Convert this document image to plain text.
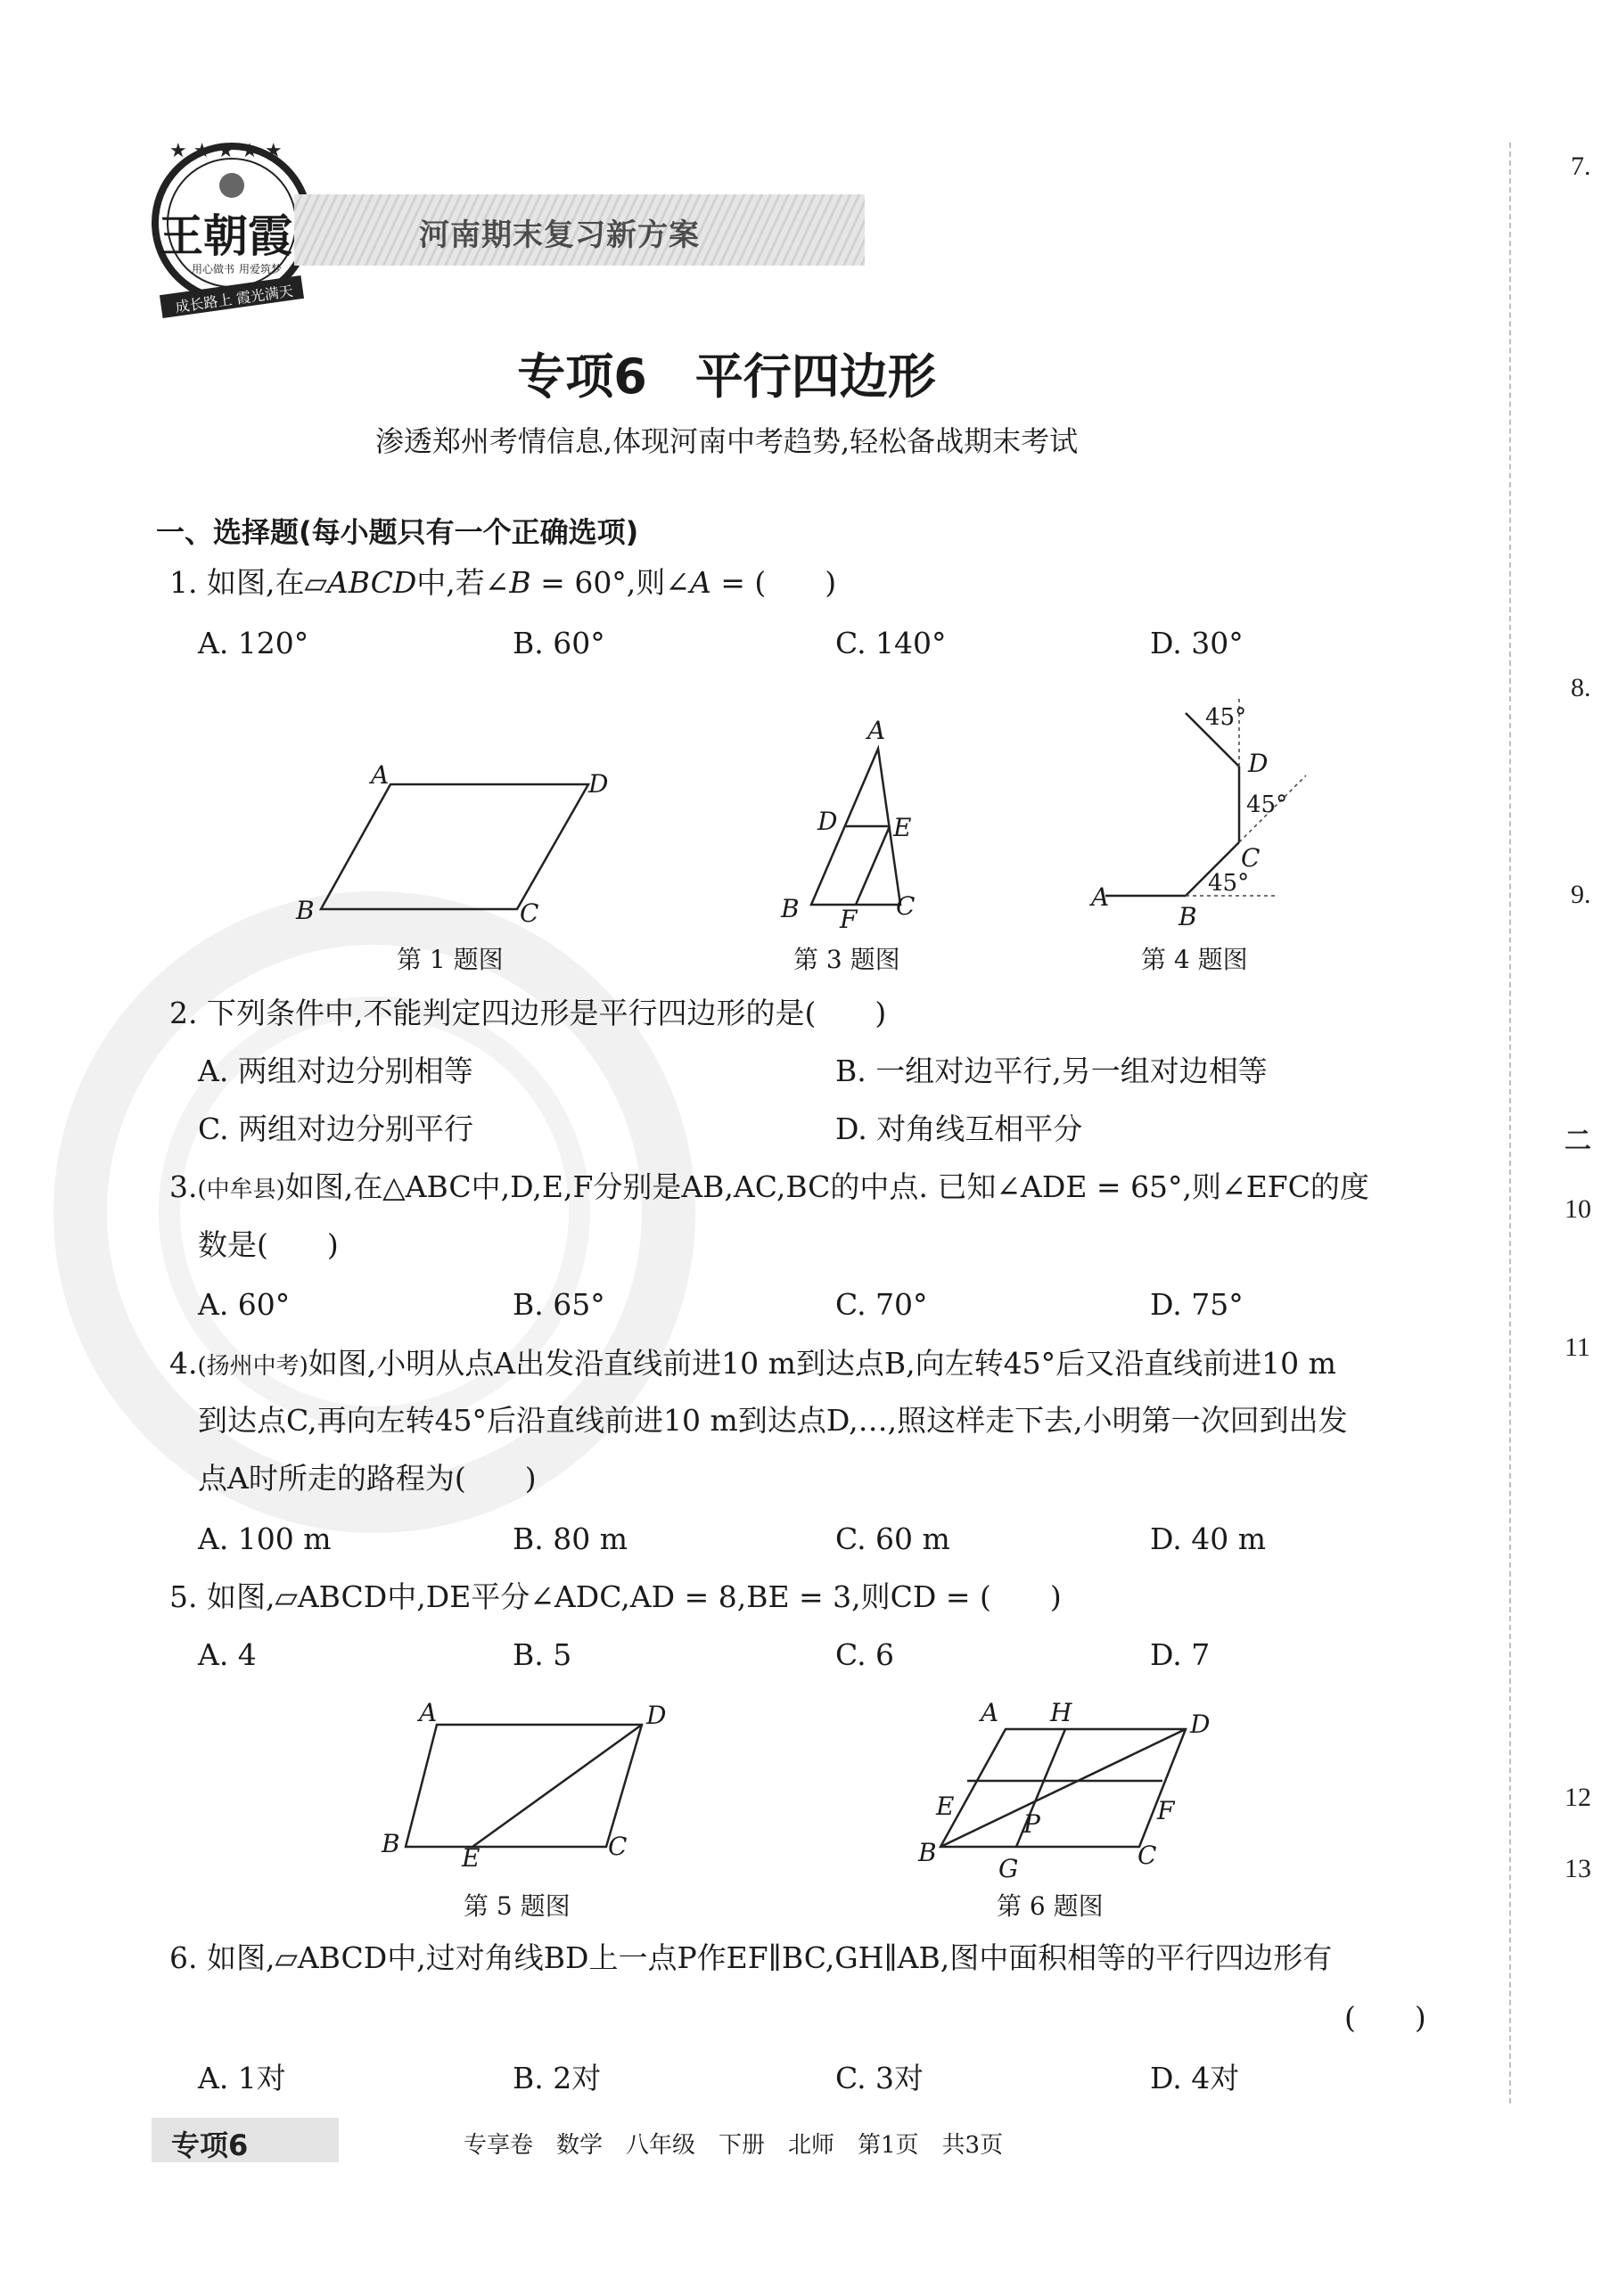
★ ★ ★ ★ ★
王朝霞
用心做书 用爱筑梦
成长路上 霞光满天
河南期末复习新方案
专项6　平行四边形
渗透郑州考情信息,体现河南中考趋势,轻松备战期末考试
一、选择题(每小题只有一个正确选项)
1. 如图,在▱ABCD中,若∠B = 60°,则∠A = (　　)
A. 120°	B. 60°	C. 140°	D. 30°
A	D
B	C
第 1 题图
A
D E
B F C
第 3 题图
45°
D
45°
C
45°
A
B
第 4 题图
2. 下列条件中,不能判定四边形是平行四边形的是(　　)
A. 两组对边分别相等	B. 一组对边平行,另一组对边相等
C. 两组对边分别平行	D. 对角线互相平分
3.(中牟县)如图,在△ABC中,D,E,F分别是AB,AC,BC的中点. 已知∠ADE = 65°,则∠EFC的度
数是(　　)
A. 60°	B. 65°	C. 70°	D. 75°
4.(扬州中考)如图,小明从点A出发沿直线前进10 m到达点B,向左转45°后又沿直线前进10 m
到达点C,再向左转45°后沿直线前进10 m到达点D,…,照这样走下去,小明第一次回到出发
点A时所走的路程为(　　)
A. 100 m	B. 80 m	C. 60 m	D. 40 m
5. 如图,▱ABCD中,DE平分∠ADC,AD = 8,BE = 3,则CD = (　　)
A. 4	B. 5	C. 6	D. 7
A	D
B E	C
第 5 题图
A H	D
E	F
P
B
G	C
第 6 题图
6. 如图,▱ABCD中,过对角线BD上一点P作EF∥BC,GH∥AB,图中面积相等的平行四边形有
(　　)
A. 1对	B. 2对	C. 3对	D. 4对
7.
8.
9.
二
10
11
12
13
专项6	专享卷　数学　八年级　下册　北师　第1页　共3页
